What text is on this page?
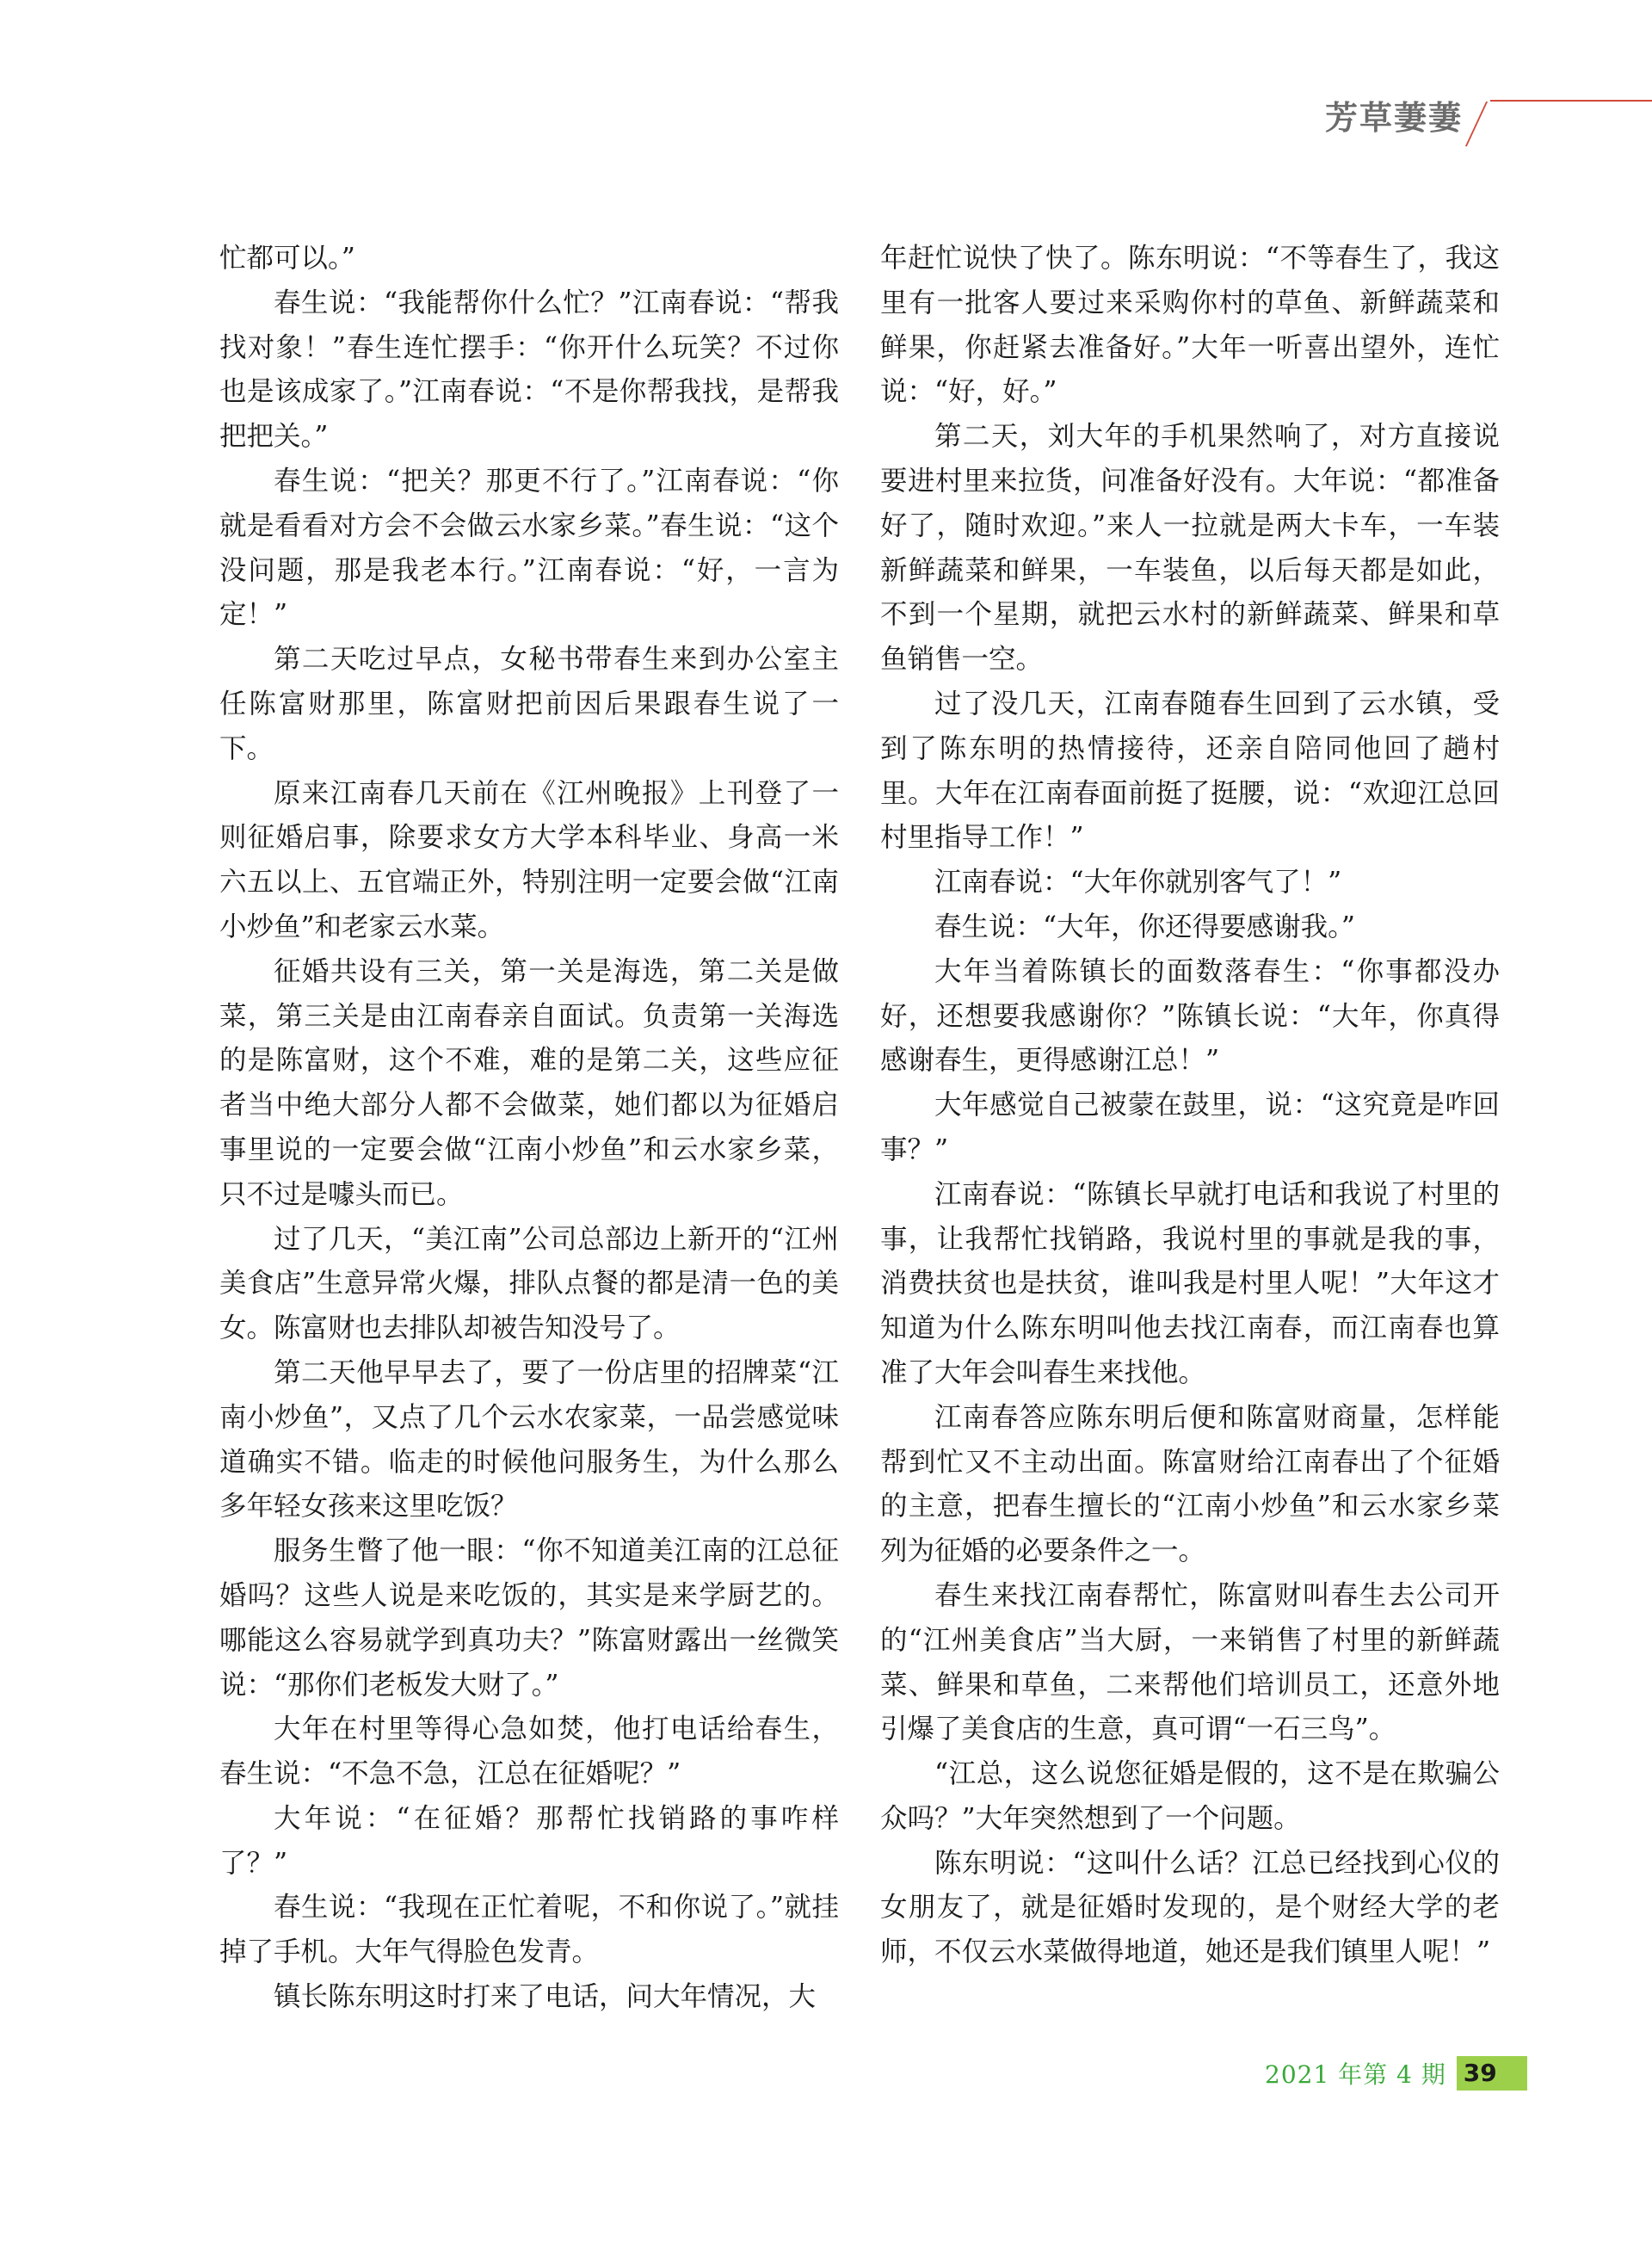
芳草萋萋

忙都可以。”

春生说：“我能帮你什么忙？”江南春说：“帮我找对象！”春生连忙摆手：“你开什么玩笑？不过你也是该成家了。”江南春说：“不是你帮我找，是帮我把把关。”

春生说：“把关？那更不行了。”江南春说：“你就是看看对方会不会做云水家乡菜。”春生说：“这个没问题，那是我老本行。”江南春说：“好，一言为定！”

第二天吃过早点，女秘书带春生来到办公室主任陈富财那里，陈富财把前因后果跟春生说了一下。

原来江南春几天前在《江州晚报》上刊登了一则征婚启事，除要求女方大学本科毕业、身高一米六五以上、五官端正外，特别注明一定要会做“江南小炒鱼”和老家云水菜。

征婚共设有三关，第一关是海选，第二关是做菜，第三关是由江南春亲自面试。负责第一关海选的是陈富财，这个不难，难的是第二关，这些应征者当中绝大部分人都不会做菜，她们都以为征婚启事里说的一定要会做“江南小炒鱼”和云水家乡菜，只不过是噱头而已。

过了几天，“美江南”公司总部边上新开的“江州美食店”生意异常火爆，排队点餐的都是清一色的美女。陈富财也去排队却被告知没号了。

第二天他早早去了，要了一份店里的招牌菜“江南小炒鱼”，又点了几个云水农家菜，一品尝感觉味道确实不错。临走的时候他问服务生，为什么那么多年轻女孩来这里吃饭？

服务生瞥了他一眼：“你不知道美江南的江总征婚吗？这些人说是来吃饭的，其实是来学厨艺的。哪能这么容易就学到真功夫？”陈富财露出一丝微笑说：“那你们老板发大财了。”

大年在村里等得心急如焚，他打电话给春生，春生说：“不急不急，江总在征婚呢？”

大年说：“在征婚？那帮忙找销路的事咋样了？”

春生说：“我现在正忙着呢，不和你说了。”就挂掉了手机。大年气得脸色发青。

镇长陈东明这时打来了电话，问大年情况，大

年赶忙说快了快了。陈东明说：“不等春生了，我这里有一批客人要过来采购你村的草鱼、新鲜蔬菜和鲜果，你赶紧去准备好。”大年一听喜出望外，连忙说：“好，好。”

第二天，刘大年的手机果然响了，对方直接说要进村里来拉货，问准备好没有。大年说：“都准备好了，随时欢迎。”来人一拉就是两大卡车，一车装新鲜蔬菜和鲜果，一车装鱼，以后每天都是如此，不到一个星期，就把云水村的新鲜蔬菜、鲜果和草鱼销售一空。

过了没几天，江南春随春生回到了云水镇，受到了陈东明的热情接待，还亲自陪同他回了趟村里。大年在江南春面前挺了挺腰，说：“欢迎江总回村里指导工作！”

江南春说：“大年你就别客气了！”

春生说：“大年，你还得要感谢我。”

大年当着陈镇长的面数落春生：“你事都没办好，还想要我感谢你？”陈镇长说：“大年，你真得感谢春生，更得感谢江总！”

大年感觉自己被蒙在鼓里，说：“这究竟是咋回事？”

江南春说：“陈镇长早就打电话和我说了村里的事，让我帮忙找销路，我说村里的事就是我的事，消费扶贫也是扶贫，谁叫我是村里人呢！”大年这才知道为什么陈东明叫他去找江南春，而江南春也算准了大年会叫春生来找他。

江南春答应陈东明后便和陈富财商量，怎样能帮到忙又不主动出面。陈富财给江南春出了个征婚的主意，把春生擅长的“江南小炒鱼”和云水家乡菜列为征婚的必要条件之一。

春生来找江南春帮忙，陈富财叫春生去公司开的“江州美食店”当大厨，一来销售了村里的新鲜蔬菜、鲜果和草鱼，二来帮他们培训员工，还意外地引爆了美食店的生意，真可谓“一石三鸟”。

“江总，这么说您征婚是假的，这不是在欺骗公众吗？”大年突然想到了一个问题。

陈东明说：“这叫什么话？江总已经找到心仪的女朋友了，就是征婚时发现的，是个财经大学的老师，不仅云水菜做得地道，她还是我们镇里人呢！”

2021 年第 4 期 39
